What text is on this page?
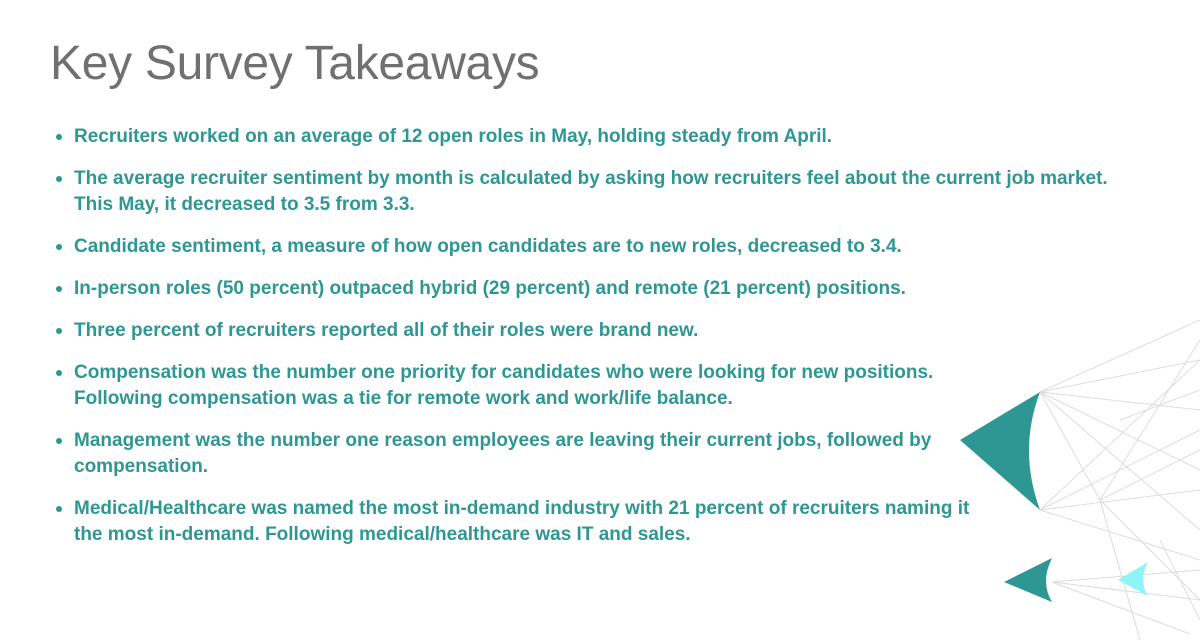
Key Survey Takeaways
Recruiters worked on an average of 12 open roles in May, holding steady from April.
The average recruiter sentiment by month is calculated by asking how recruiters feel about the current job market. This May, it decreased to 3.5 from 3.3.
Candidate sentiment, a measure of how open candidates are to new roles, decreased to 3.4.
In-person roles (50 percent) outpaced hybrid (29 percent) and remote (21 percent) positions.
Three percent of recruiters reported all of their roles were brand new.
Compensation was the number one priority for candidates who were looking for new positions. Following compensation was a tie for remote work and work/life balance.
Management was the number one reason employees are leaving their current jobs, followed by compensation.
Medical/Healthcare was named the most in-demand industry with 21 percent of recruiters naming it the most in-demand. Following medical/healthcare was IT and sales.
